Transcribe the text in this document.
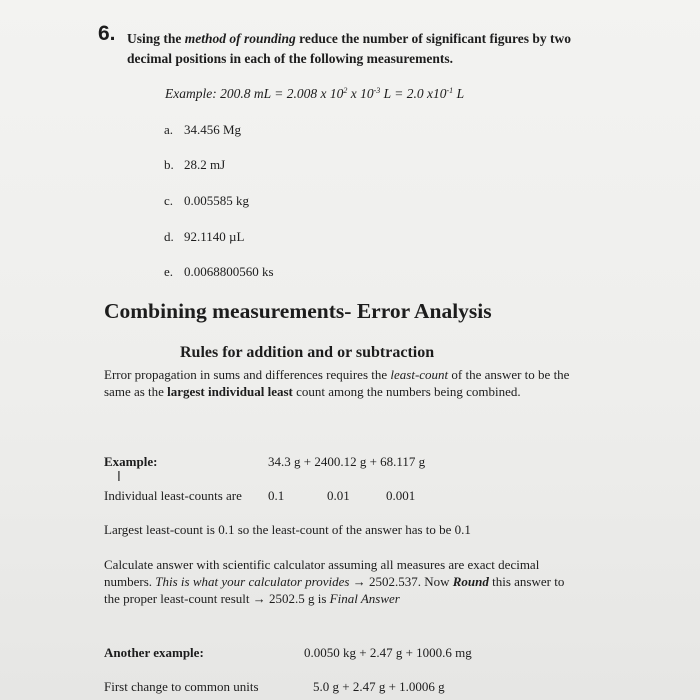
6. Using the method of rounding reduce the number of significant figures by two
decimal positions in each of the following measurements.
Example: 200.8 mL = 2.008 x $10^2$ x $10^{-3}$ L = 2.0 $x10^{-1}$ L
a. 34.456 Mg
b. 28.2 mJ
c. 0.005585 kg
d. 92.1140 µL
e. 0.0068800560 ks
Combining measurements- Error Analysis
Rules for addition and or subtraction
Error propagation in sums and differences requires the least-count of the answer to be the
same as the largest individual least count among the numbers being combined.
Example:	34.3 g + 2400.12 g + 68.117 g
I
Individual least-counts are 0.1	0.01	0.001
Largest least-count is 0.1 so the least-count of the answer has to be 0.1
Calculate answer with scientific calculator assuming all measures are exact decimal
numbers. This is what your calculator provides → 2502.537. Now Round this answer to
the proper least-count result → 2502.5 g is Final Answer
Another example:	0.0050 kg + 2.47 g + 1000.6 mg
First change to common units	5.0 g + 2.47 g + 1.0006 g
